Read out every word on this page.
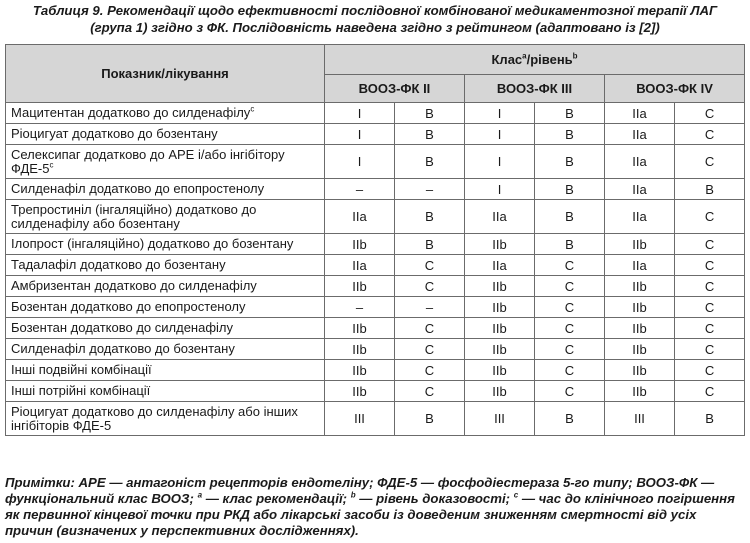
Таблиця 9. Рекомендації щодо ефективності послідовної комбінованої медикаментозної терапії ЛАГ
(група 1) згідно з ФК. Послідовність наведена згідно з рейтингом (адаптовано із [2])
Показник/лікування	Клас$^а$/рівень$^b$
	ВООЗ-ФК ІІ		ВООЗ-ФК ІІІ		ВООЗ-ФК IV	
Мацитентан додатково до силденафілу$^с$	І	В	І	В	ІІа	С
Ріоцигуат додатково до бозентану	І	В	І	В	ІІа	С
Селексипаг додатково до АРЕ і/або інгібітору ФДЕ-$5^с$	І	В	І	В	ІІа	С
Силденафіл додатково до епопростенолу	–	–	І	В	ІІа	В
Трепростиніл (інгаляційно) додатково до силденафілу або бозентану	ІІа	В	ІІа	В	ІІа	С
Ілопрост (інгаляційно) додатково до бозентану	ІІb	В	ІІb	В	ІІb	С
Тадалафіл додатково до бозентану	ІІа	С	ІІа	С	ІІа	С
Амбризентан додатково до силденафілу	ІІb	С	ІІb	С	ІІb	С
Бозентан додатково до епопростенолу	–	–	ІІb	С	ІІb	С
Бозентан додатково до силденафілу	ІІb	С	ІІb	С	ІІb	С
Силденафіл додатково до бозентану	ІІb	С	ІІb	С	ІІb	С
Інші подвійні комбінації	ІІb	С	ІІb	С	ІІb	С
Інші потрійні комбінації	ІІb	С	ІІb	С	ІІb	С
Ріоцигуат додатково до силденафілу або інших інгібіторів ФДЕ-5	ІІІ	В	ІІІ	В	ІІІ	В
Примітки: АРЕ — антагоніст рецепторів ендотеліну; ФДЕ-5 — фосфодіестераза 5-го типу; ВООЗ-ФК — функціональний клас ВООЗ; $^а$ — клас рекомендації; $^b$ — рівень доказовості; $^с$ — час до клінічного погіршення як первинної кінцевої точки при РКД або лікарські засоби із доведеним зниженням смертності від усіх причин (визначених у перспективних дослідженнях).
